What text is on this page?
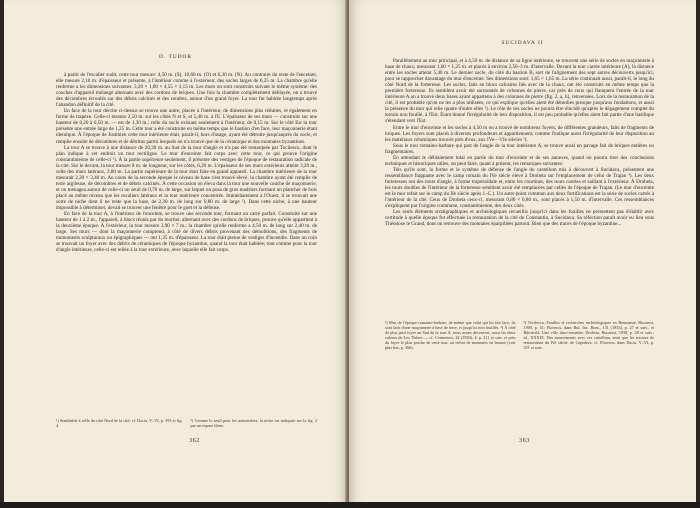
D. TUDOR

à partir de l'escalier sudit, cette tour mesure: 4,50 m. (S), 10,60 m. (O) et 6,30 m. (N). Au contraire du reste de l'enceinte, elle mesure 2,10 m. d'épaisseur et présente, à l'intérieur comme à l'extérieur, des socles larges de 0,25 m. La chambre qu'elle renferme a les dimensions suivantes: 3,20 × 1,80 × 4,55 × 3,15 m. Les murs on sont construits suivant le même système: des couches d'appareil mélangé alternant avec des cordons de briques. Une fois la chambre complètement déblayée, on a trouvé des décombres écroulés sur des débris calcinés et des cendres, autour d'un grand foyer. La tour fut habitée longtemps après l'abandon définitif de la cité.

En face de la tour décrite ci-dessus se trouve une autre, placée à l'intérieur, de dimensions plus réduites, et également en forme de trapèze. Celle-ci mesure 2,50 m. sur les côtés N et S, et 5,40 m. à l'E. L'épaisseur de ses murs — construits sur une hauteur de 0,20 à 0,50 m. — est de 1,30 m.; celle du socle existant seulement à l'intérieur, de 0,15 m. Sur le côté Est la tour présente une entrée large de 1,25 m. Cette tour a été construite en même temps que le bastion d'en face, leur maçonnerie étant identique. À l'époque de Justinien cette tour intérieure était, paraît-il, hors d'usage, ayant été détruite jusqu'auprès du socle, et remplie ensuite de décombres et de détritus parmi lesquels on n'a trouvé que de la céramique et des monnaies byzantines.

La tour A se trouve à une distance de 20,30 m. au Sud de la tour d'angle et n'a pas été remarquée par Tocilescu, dont le plan indique à cet endroit un mur rectiligne. Le mur d'enceinte fait corps avec cette tour, ce qui prouve l'origine constantinienne de celle-ci ¹). À la partie supérieure seulement, il présente des vestiges de l'époque de restauration radicale de la cité. Sur le devant, la tour mesure 8 m. de longueur, sur les côtés, 6,20 m. L'épaisseur de ses murs extérieurs atteint 3,20 m., celle des murs latéraux, 2,80 m. La partie supérieure de la tour était faite en grand appareil. La chambre intérieure de la tour mesurait 2,20 × 3,40 m. Au cours de la seconde époque le niveau de base s'est trouvé élevé, la chambre ayant été remplie de terre argileuse, de décombres et de débris calcinés. À cette occasion on éleva dans la tour une nouvelle couche de maçonnerie, et on ménagea autour de celle-ci un seuil de 0,70 m. de large, sur lequel on posa de gros madriers formant un plancher de bois placé au même niveau que les escaliers latéraux et la tour intérieure concentrée. Immédiatement à l'Ouest, il se trouvait une sorte de niche dont il ne reste que la base, de 2,30 m. de long sur 0,80 m. de large ²). Dans cette niche, à une hauteur impossible à déterminer, devait se trouver une fenêtre pour le guet et la défense.

En face de la tour A, à l'intérieur de l'enceinte, se trouve une seconde tour, formant un carré parfait. Construite sur une hauteur de 1 à 2 m., l'appareil, à blocs réunis par du mortier, alternant avec des cordons de briques, prouve qu'elle appartient à la deuxième époque. À l'extérieur, la tour mesure 3,90 × 7 m.; la chambre qu'elle renferme a 4,50 m. de long sur 2,40 m. de large. Ses murs — dont la maçonnerie comprend, à côté de divers débris provenant des démolitions, des fragments de monuments sculpturaux ou épigraphiques — ont 1,35 m. d'épaisseur. La tour était pleine de vestiges d'incendie. Dans un coin se trouvait un foyer avec des débris de céramiques de l'époque byzantine, quand la tour était habitée; tout comme pour la tour d'angle intérieure, celle-ci est reliée à la tour extérieure, avec laquelle elle fait corps.

¹) Semblable à celle du côté Nord de la cité; cf. Dacia, V–VI, p. 393 et fig. 4.

²) Comme le seuil pour les meurtrières, la niche est indiquée sur la fig. 2 par un espace blanc.

362
SUCIDAVA II

Parallèlement au mur principal, et à 4,50 m. de distance de sa ligne intérieure, se trouvent une série de socles en maçonnerie à base de chaux, mesurant 1,60 × 1,25 m. et placés à environ 2,50–3 m. d'intervalle. Devant la tour carrée intérieure (A), la distance entre les socles atteint 5,40 m. Le dernier socle, du côté du bastion B, sort de l'alignement des sept autres découverts jusqu'ici, pour se rapprocher davantage du mur d'enceinte. Ses dimensions sont: 1,65 × 1,65 m. La série continuait aussi, paraît-il, le long du côté Nord de la forteresse. Les socles, faits en blocs calcaires liés avec de la chaux, ont été construits en même temps que la première forteresse. Ils semblent avoir été surmontés de colonnes de pierre, car près de ceux qui flanquent l'entrée de la tour intérieure A on a trouvé deux bases ayant appartenu à des colonnes de pierre (fig. 2, a, b), renversées. Lors de la restauration de la cité, il est probable qu'on ne les a plus utilisées, ce qui explique qu'elles aient été démolies presque jusqu'aux fondations, et aussi la présence du mur qui relie quatre d'entre elles ¹). Le rôle de ces socles ne pourra être élucidé qu'après le dégagement complet du terrain non fouillé, à l'Est. Étant donné l'irrégularité de leur disposition, il est peu probable qu'elles aient fait partie d'une basilique s'étendant vers l'Est.

Entre le mur d'enceinte et les socles à 4,50 m on a trouvé de nombreux foyers, de différentes grandeurs, faits de fragments de briques. Les foyers sont placés à diverses profondeurs et appartiennent, comme l'indique aussi l'irrégularité de leur disposition au les matériaux céramiques trouvés près d'eux, aux IVe—VIe siècles ²).

Sous le mur romaino-barbare qui part de l'angle de la tour intérieure A, se trouve aussi un pavage fait de briques entières ou fragmentaires.

En attendant le déblaiement total en partie du mur d'enceinte et de ses annexes, quand on pourra tirer des conclusions techniques et historiques utiles, on peut faire, quant à présent, les remarques suivantes:

Tels qu'ils sont, la forme et le système de défense de l'angle du castellum mis à découvert à Sucidava, présentent une ressemblance frappante avec le camp romain du IVe siècle élevé à Drobeta sur l'emplacement de celui de Trajan ³). Les deux forteresses ont des tours d'angle, à forme trapézoïdale et, entre les courtines, des tours carrées et saillant à l'extérieur. À Drobeta, les tours doubles de l'intérieur de la forteresse semblent avoir été remplacées par celles de l'époque de Trajan. (Le mur d'enceinte est le mur refait sur le camp du IIe siècle après J.-C.). Un autre point commun aux deux fortifications est la série de socles carrés à l'intérieur de la cité. Ceux de Drobeta ceux-ci, mesurant 0,80 × 0,80 m., sont placés à 1,50 m. d'intervalle. Ces ressemblances s'expliquent par l'origine commune, constantinienne, des deux cités.

Les seuls éléments stratigraphiques et archéologiques recueillis jusqu'ici dans les fouilles ne permettent pas d'établir avec certitude à quelle époque fut effectuée la restauration de la cité de Constantin, à Sucidava. Sa réfection paraît avoir eu lieu sous Théodose le Grand, dont on retrouve des monnaies éparpillées partout. Bien que des traces de l'époque byzantine...

¹) Mur de l'époque romaino-barbare, de même que celui qui lui fait face; ils sont faits d'une maçonnerie à base de terre, et jusqu'ici non fouillés. ²) À côté de plus petit foyer au Sud de la tour A, nous avons découvert, aussi les deux valeurs de Les Thèses — cf. Cermenesi, 22 (1930), 4, p. 211 et suiv. et près du foyer le plus proche de cette tour, un trésor de monnaies en bronze (voir plus bas, p. 366).

³) Tocilescu, Fouilles et recherches archéologiques en Roumanie, Bucarest, 1900, p. 51; Florescu, dans Bul. Inc. Rom., 131 (1933), p. 27 et suiv., et Bárcăcilă, Une ville daco-romaine: Drobeta, Bucarest, 1938, p. 20 et suiv.; id., XXXIX. Des mouvements avec ces castellum, ainsi que les travaux de restauration du IVe siècle, de Capidava: cf. Florescu, dans Dacia, V–VI, p. 351 et suiv.

363
